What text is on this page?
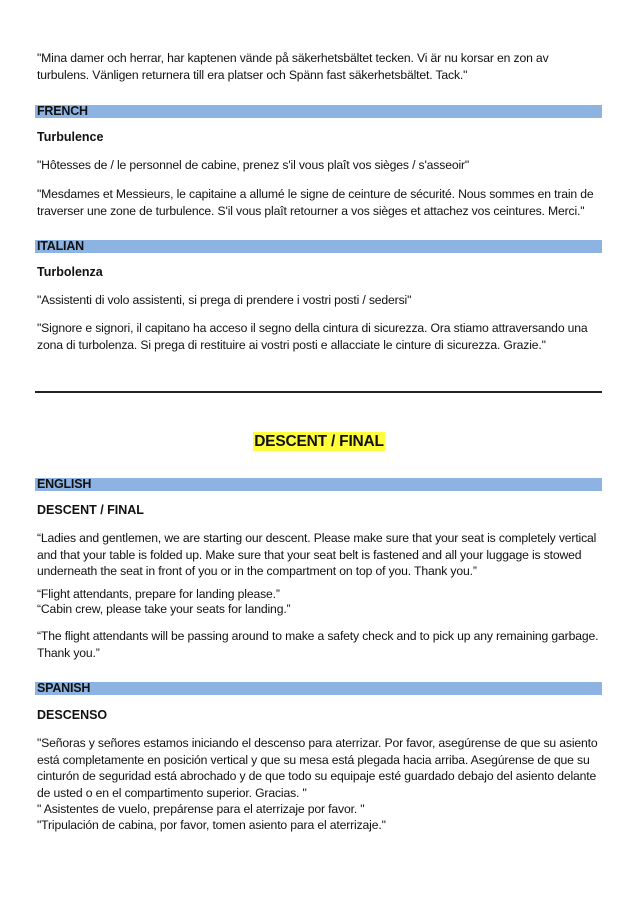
"Mina damer och herrar, har kaptenen vände på säkerhetsbältet tecken. Vi är nu korsar en zon av turbulens. Vänligen returnera till era platser och Spänn fast säkerhetsbältet. Tack."

FRENCH

Turbulence

"Hôtesses de / le personnel de cabine, prenez s'il vous plaît vos sièges / s'asseoir"

"Mesdames et Messieurs, le capitaine a allumé le signe de ceinture de sécurité. Nous sommes en train de traverser une zone de turbulence. S'il vous plaît retourner a vos sièges et attachez vos ceintures. Merci."

ITALIAN

Turbolenza

"Assistenti di volo assistenti, si prega di prendere i vostri posti / sedersi"

"Signore e signori, il capitano ha acceso il segno della cintura di sicurezza. Ora stiamo attraversando una zona di turbolenza. Si prega di restituire ai vostri posti e allacciate le cinture di sicurezza. Grazie."

DESCENT / FINAL
ENGLISH

DESCENT / FINAL

“Ladies and gentlemen, we are starting our descent. Please make sure that your seat is completely vertical and that your table is folded up. Make sure that your seat belt is fastened and all your luggage is stowed underneath the seat in front of you or in the compartment on top of you. Thank you.”

“Flight attendants, prepare for landing please.”

“Cabin crew, please take your seats for landing.”

“The flight attendants will be passing around to make a safety check and to pick up any remaining garbage. Thank you.”

SPANISH

DESCENSO

"Señoras y señores estamos iniciando el descenso para aterrizar. Por favor, asegúrense de que su asiento está completamente en posición vertical y que su mesa está plegada hacia arriba. Asegúrense de que su cinturón de seguridad está abrochado y de que todo su equipaje esté guardado debajo del asiento delante de usted o en el compartimento superior. Gracias. "

" Asistentes de vuelo, prepárense para el aterrizaje por favor. "

"Tripulación de cabina, por favor, tomen asiento para el aterrizaje."
